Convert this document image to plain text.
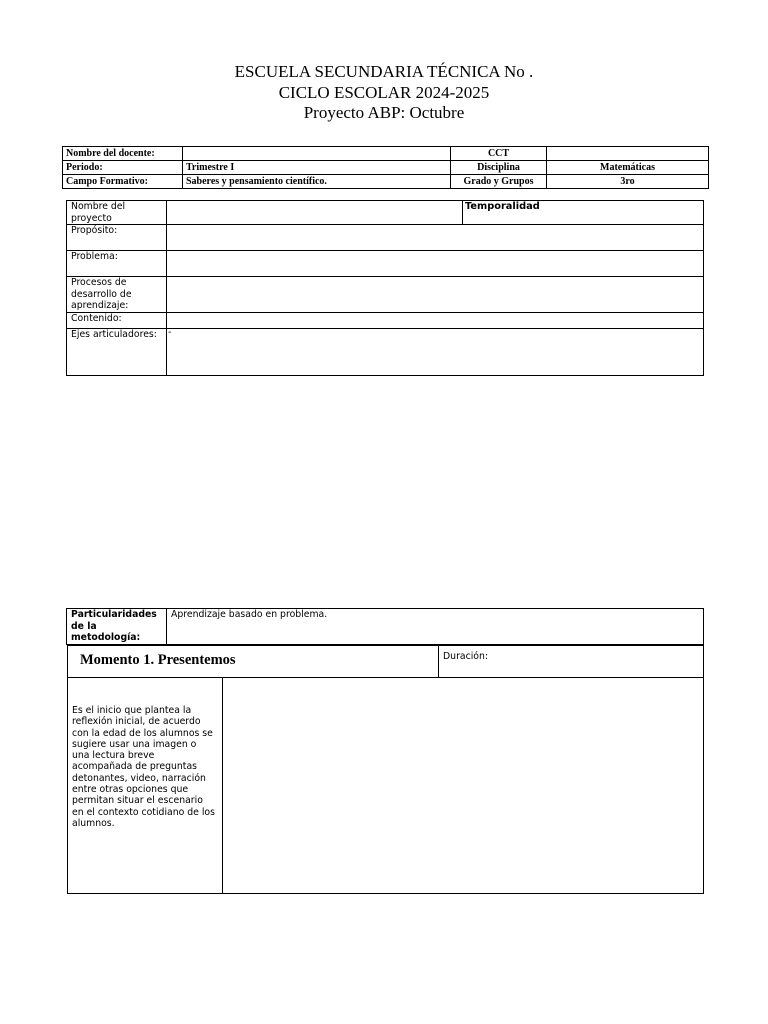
ESCUELA SECUNDARIA TÉCNICA No .
CICLO ESCOLAR 2024-2025
Proyecto ABP: Octubre
Nombre del docente:		CCT	
Periodo:	Trimestre I	Disciplina	Matemáticas
Campo Formativo:	Saberes y pensamiento científico.	Grado y Grupos	3ro
Nombre del proyecto		Temporalidad
Propósito:		
Problema:		
Procesos de desarrollo de aprendizaje:		
Contenido:		
Ejes articuladores:	-	
Particularidades de la metodología:	Aprendizaje basado en problema.
Momento 1. Presentemos		Duración:

Es el inicio que plantea la reflexión inicial, de acuerdo con la edad de los alumnos se sugiere usar una imagen o una lectura breve acompañada de preguntas detonantes, video, narración entre otras opciones que permitan situar el escenario en el contexto cotidiano de los alumnos.		
